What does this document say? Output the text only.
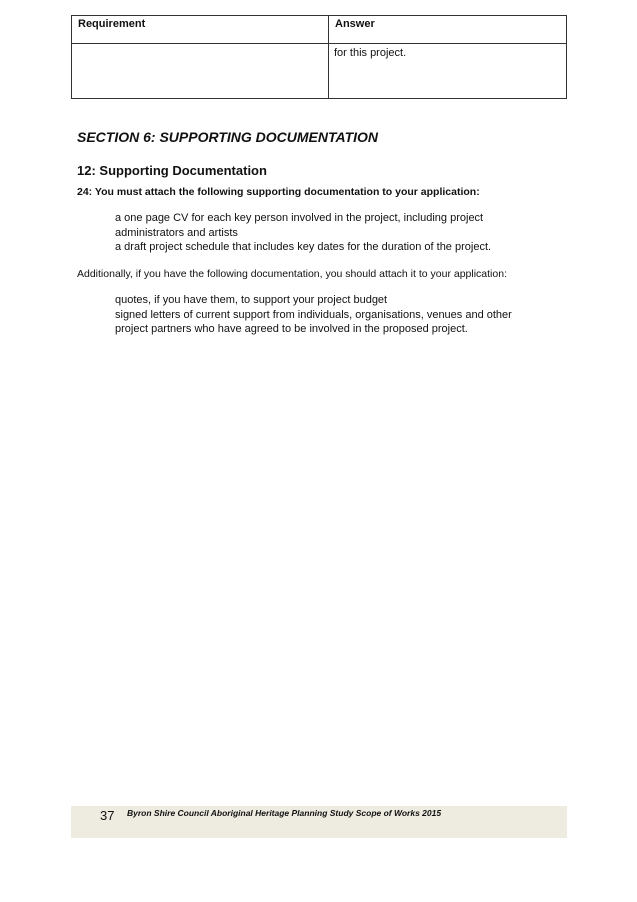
Requirement	Answer
	for this project.
SECTION 6: SUPPORTING DOCUMENTATION
12: Supporting Documentation

24: You must attach the following supporting documentation to your application:

a one page CV for each key person involved in the project, including project administrators and artists
a draft project schedule that includes key dates for the duration of the project.

Additionally, if you have the following documentation, you should attach it to your application:

quotes, if you have them, to support your project budget
signed letters of current support from individuals, organisations, venues and other project partners who have agreed to be involved in the proposed project.
37 Byron Shire Council Aboriginal Heritage Planning Study Scope of Works 2015
